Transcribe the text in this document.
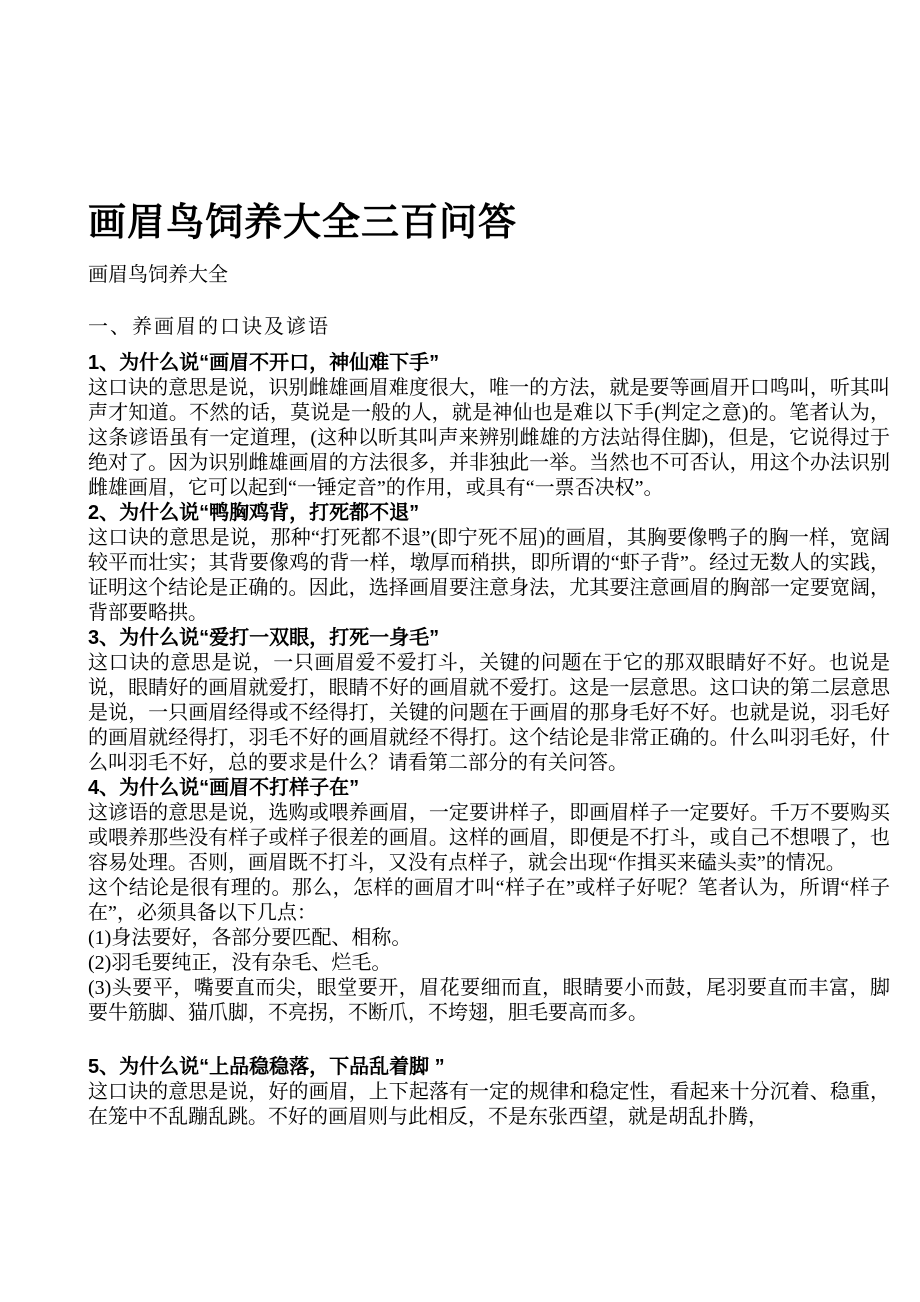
画眉鸟饲养大全三百问答

画眉鸟饲养大全

一、养画眉的口诀及谚语
1、为什么说“画眉不开口，神仙难下手”

这口诀的意思是说，识别雌雄画眉难度很大，唯一的方法，就是要等画眉开口鸣叫，听其叫声才知道。不然的话，莫说是一般的人，就是神仙也是难以下手(判定之意)的。笔者认为，这条谚语虽有一定道理，(这种以昕其叫声来辨别雌雄的方法站得住脚)，但是，它说得过于绝对了。因为识别雌雄画眉的方法很多，并非独此一举。当然也不可否认，用这个办法识别雌雄画眉，它可以起到“一锤定音”的作用，或具有“一票否决权”。

2、为什么说“鸭胸鸡背，打死都不退”

这口诀的意思是说，那种“打死都不退”(即宁死不屈)的画眉，其胸要像鸭子的胸一样，宽阔较平而壮实；其背要像鸡的背一样，墩厚而稍拱，即所谓的“虾子背”。经过无数人的实践，证明这个结论是正确的。因此，选择画眉要注意身法，尤其要注意画眉的胸部一定要宽阔，背部要略拱。

3、为什么说“爱打一双眼，打死一身毛”

这口诀的意思是说，一只画眉爱不爱打斗，关键的问题在于它的那双眼睛好不好。也说是说，眼睛好的画眉就爱打，眼睛不好的画眉就不爱打。这是一层意思。这口诀的第二层意思是说，一只画眉经得或不经得打，关键的问题在于画眉的那身毛好不好。也就是说，羽毛好的画眉就经得打，羽毛不好的画眉就经不得打。这个结论是非常正确的。什么叫羽毛好，什么叫羽毛不好，总的要求是什么？请看第二部分的有关问答。

4、为什么说“画眉不打样子在”

这谚语的意思是说，选购或喂养画眉，一定要讲样子，即画眉样子一定要好。千万不要购买或喂养那些没有样子或样子很差的画眉。这样的画眉，即便是不打斗，或自己不想喂了，也容易处理。否则，画眉既不打斗，又没有点样子，就会出现“作揖买来磕头卖”的情况。

这个结论是很有理的。那么，怎样的画眉才叫“样子在”或样子好呢？笔者认为，所谓“样子在”，必须具备以下几点：

(1)身法要好，各部分要匹配、相称。

(2)羽毛要纯正，没有杂毛、烂毛。

(3)头要平，嘴要直而尖，眼堂要开，眉花要细而直，眼睛要小而鼓，尾羽要直而丰富，脚要牛筋脚、猫爪脚，不亮拐，不断爪，不垮翅，胆毛要高而多。

5、为什么说“上品稳稳落，下品乱着脚 ”

这口诀的意思是说，好的画眉，上下起落有一定的规律和稳定性，看起来十分沉着、稳重，在笼中不乱蹦乱跳。不好的画眉则与此相反，不是东张西望，就是胡乱扑腾，
